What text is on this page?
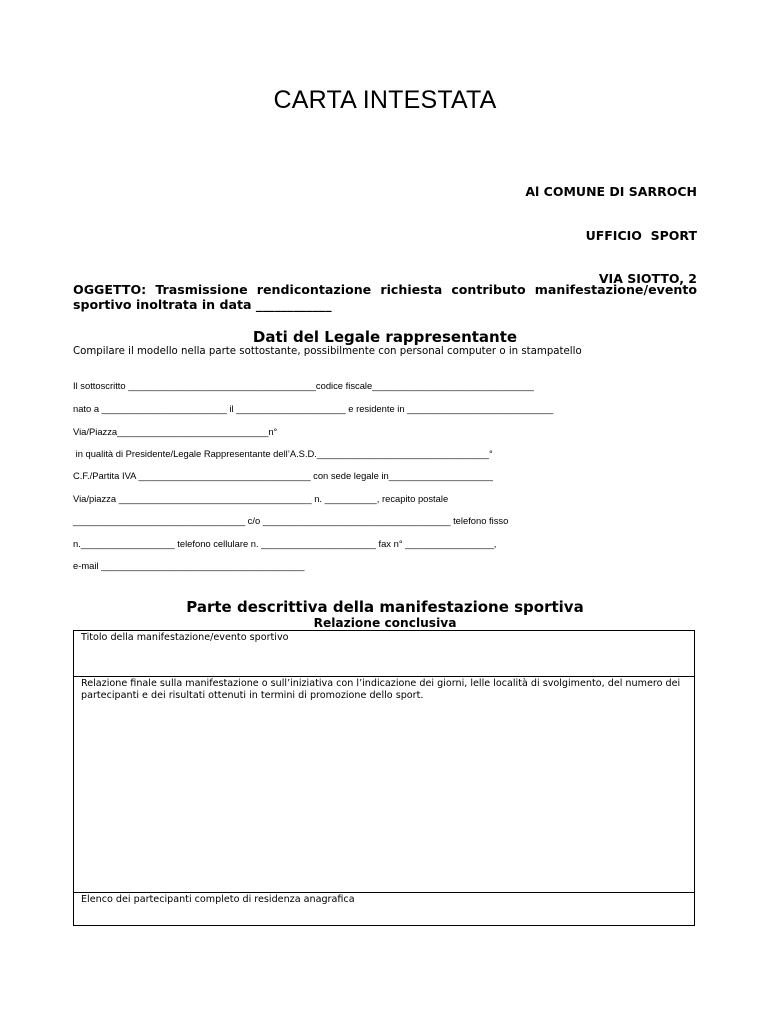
CARTA INTESTATA

Al COMUNE DI SARROCH

UFFICIO  SPORT

VIA SIOTTO, 2

OGGETTO: Trasmissione rendicontazione richiesta contributo manifestazione/evento sportivo inoltrata in data ____________
Dati del Legale rappresentante
Compilare il modello nella parte sottostante, possibilmente con personal computer o in stampatello
Il sottoscritto ____________________________________codice fiscale_______________________________
nato a ________________________ il _____________________ e residente in ____________________________
Via/Piazza_____________________________n°
in qualità di Presidente/Legale Rappresentante dell’A.S.D._________________________________°
C.F./Partita IVA _________________________________ con sede legale in____________________
Via/piazza _____________________________________ n. __________, recapito postale
_________________________________ c/o ____________________________________ telefono fisso
n.__________________ telefono cellulare n. ______________________ fax n° _________________,
e-mail _______________________________________
Parte descrittiva della manifestazione sportiva
Relazione conclusiva
Titolo della manifestazione/evento sportivo
Relazione finale sulla manifestazione o sull’iniziativa con l’indicazione dei giorni, lelle località di svolgimento, del numero dei partecipanti e dei risultati ottenuti in termini di promozione dello sport.
Elenco dei partecipanti completo di residenza anagrafica
